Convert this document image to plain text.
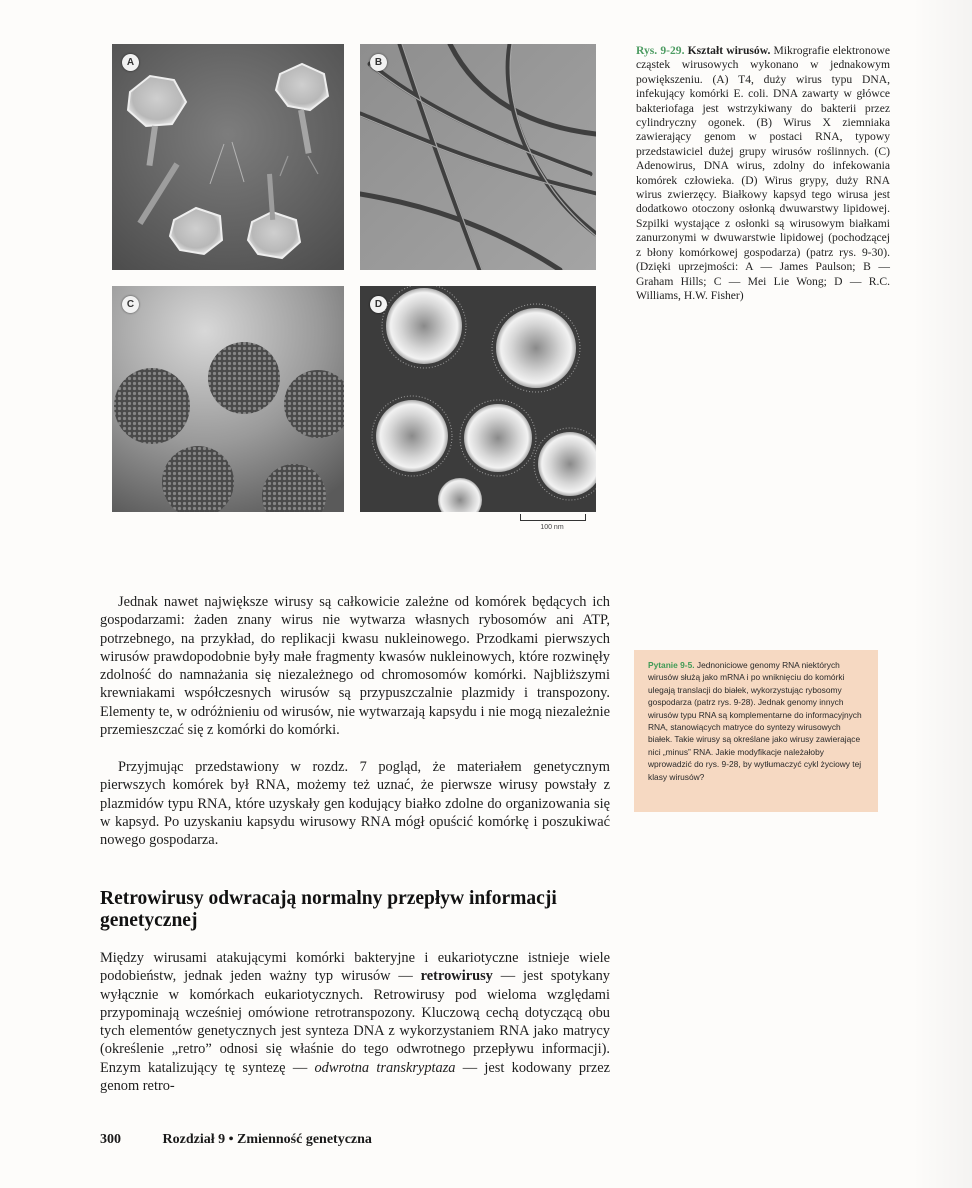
A	B
C	D
100 nm
Rys. 9-29. Kształt wirusów. Mikrografie elektronowe cząstek wirusowych wykonano w jednakowym powiększeniu. (A) T4, duży wirus typu DNA, infekujący komórki E. coli. DNA zawarty w główce bakteriofaga jest wstrzykiwany do bakterii przez cylindryczny ogonek. (B) Wirus X ziemniaka zawierający genom w postaci RNA, typowy przedstawiciel dużej grupy wirusów roślinnych. (C) Adenowirus, DNA wirus, zdolny do infekowania komórek człowieka. (D) Wirus grypy, duży RNA wirus zwierzęcy. Białkowy kapsyd tego wirusa jest dodatkowo otoczony osłonką dwuwarstwy lipidowej. Szpilki wystające z osłonki są wirusowym białkami zanurzonymi w dwuwarstwie lipidowej (pochodzącej z błony komórkowej gospodarza) (patrz rys. 9-30). (Dzięki uprzejmości: A — James Paulson; B — Graham Hills; C — Mei Lie Wong; D — R.C. Williams, H.W. Fisher)

Pytanie 9-5. Jednoniciowe genomy RNA niektórych wirusów służą jako mRNA i po wniknięciu do komórki ulegają translacji do białek, wykorzystując rybosomy gospodarza (patrz rys. 9-28). Jednak genomy innych wirusów typu RNA są komplementarne do informacyjnych RNA, stanowiących matryce do syntezy wirusowych białek. Takie wirusy są określane jako wirusy zawierające nici „minus” RNA. Jakie modyfikacje należałoby wprowadzić do rys. 9-28, by wytłumaczyć cykl życiowy tej klasy wirusów?

Jednak nawet największe wirusy są całkowicie zależne od komórek będących ich gospodarzami: żaden znany wirus nie wytwarza własnych rybosomów ani ATP, potrzebnego, na przykład, do replikacji kwasu nukleinowego. Przodkami pierwszych wirusów prawdopodobnie były małe fragmenty kwasów nukleinowych, które rozwinęły zdolność do namnażania się niezależnego od chromosomów komórki. Najbliższymi krewniakami współczesnych wirusów są przypuszczalnie plazmidy i transpozony. Elementy te, w odróżnieniu od wirusów, nie wytwarzają kapsydu i nie mogą niezależnie przemieszczać się z komórki do komórki.

Przyjmując przedstawiony w rozdz. 7 pogląd, że materiałem genetycznym pierwszych komórek był RNA, możemy też uznać, że pierwsze wirusy powstały z plazmidów typu RNA, które uzyskały gen kodujący białko zdolne do organizowania się w kapsyd. Po uzyskaniu kapsydu wirusowy RNA mógł opuścić komórkę i poszukiwać nowego gospodarza.

Retrowirusy odwracają normalny przepływ informacji genetycznej

Między wirusami atakującymi komórki bakteryjne i eukariotyczne istnieje wiele podobieństw, jednak jeden ważny typ wirusów — retrowirusy — jest spotykany wyłącznie w komórkach eukariotycznych. Retrowirusy pod wieloma względami przypominają wcześniej omówione retrotranspozony. Kluczową cechą dotyczącą obu tych elementów genetycznych jest synteza DNA z wykorzystaniem RNA jako matrycy (określenie „retro” odnosi się właśnie do tego odwrotnego przepływu informacji). Enzym katalizujący tę syntezę — odwrotna transkryptaza — jest kodowany przez genom retro-

300	Rozdział 9 • Zmienność genetyczna
